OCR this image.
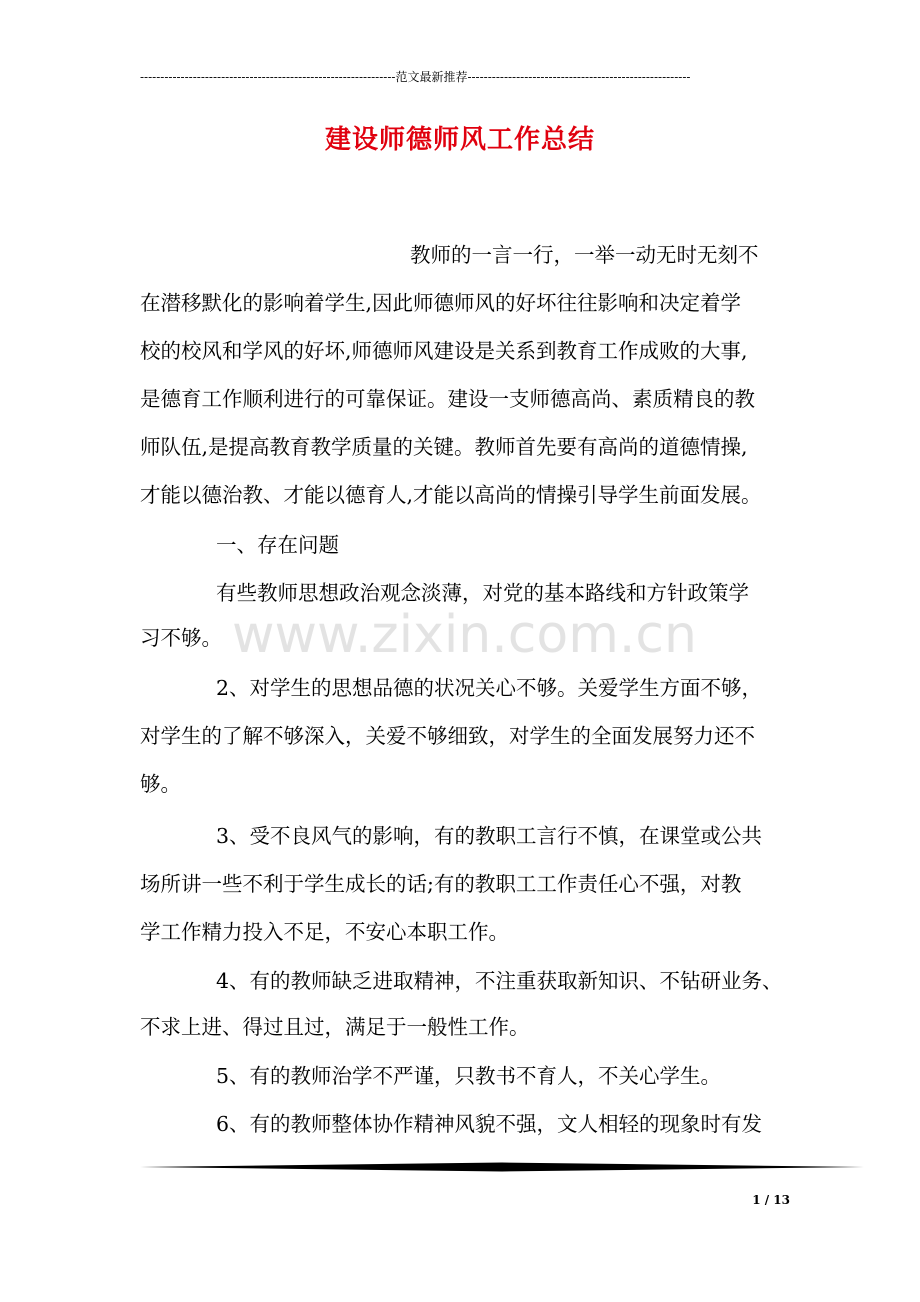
---------------------------------------------------------------范文最新推荐-------------------------------------------------------
建设师德师风工作总结
www.zixin.com.cn
教师的一言一行，一举一动无时无刻不
在潜移默化的影响着学生,因此师德师风的好坏往往影响和决定着学
校的校风和学风的好坏,师德师风建设是关系到教育工作成败的大事,
是德育工作顺利进行的可靠保证。建设一支师德高尚、素质精良的教
师队伍,是提高教育教学质量的关键。教师首先要有高尚的道德情操,
才能以德治教、才能以德育人,才能以高尚的情操引导学生前面发展。
一、存在问题
有些教师思想政治观念淡薄，对党的基本路线和方针政策学
习不够。
2、对学生的思想品德的状况关心不够。关爱学生方面不够，
对学生的了解不够深入，关爱不够细致，对学生的全面发展努力还不
够。
3、受不良风气的影响，有的教职工言行不慎，在课堂或公共
场所讲一些不利于学生成长的话;有的教职工工作责任心不强，对教
学工作精力投入不足，不安心本职工作。
4、有的教师缺乏进取精神，不注重获取新知识、不钻研业务、
不求上进、得过且过，满足于一般性工作。
5、有的教师治学不严谨，只教书不育人，不关心学生。
6、有的教师整体协作精神风貌不强，文人相轻的现象时有发
1 / 13
